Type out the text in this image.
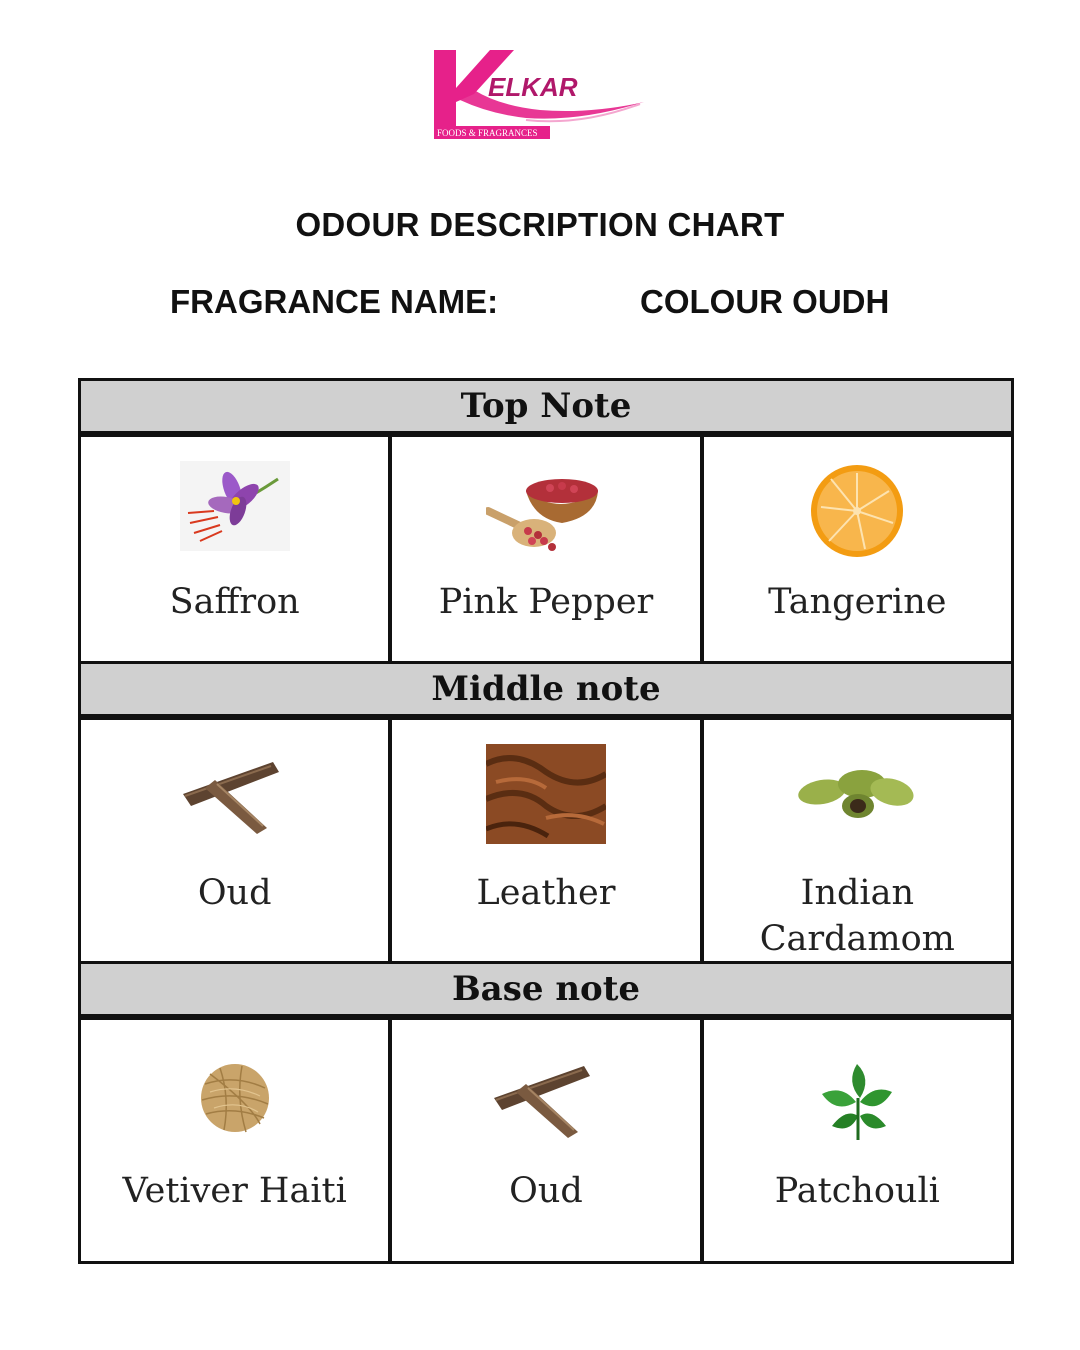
ELKAR
FOODS & FRAGRANCES
ODOUR DESCRIPTION CHART
FRAGRANCE NAME:	COLOUR OUDH
Top Note
Saffron	Pink Pepper	Tangerine
Middle note
Oud	Leather	Indian
Cardamom
Base note
Vetiver Haiti	Oud	Patchouli
